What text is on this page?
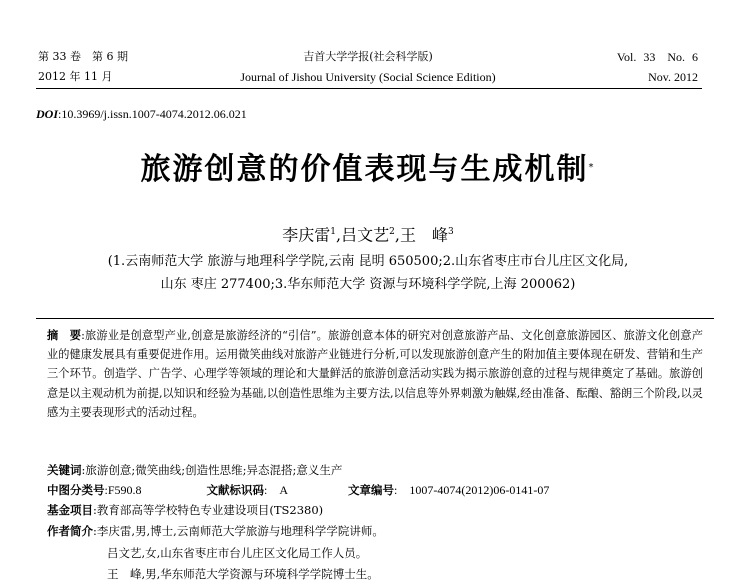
第 33 卷　第 6 期
2012 年 11 月
吉首大学学报(社会科学版)
Journal of Jishou University (Social Science Edition)
Vol. 33　No. 6
Nov. 2012
DOI:10.3969/j.issn.1007-4074.2012.06.021
旅游创意的价值表现与生成机制*
李庆雷$^1$,吕文艺$^2$,王　峰$^3$
(1.云南师范大学 旅游与地理科学学院,云南 昆明 650500;2.山东省枣庄市台儿庄区文化局,
山东 枣庄 277400;3.华东师范大学 资源与环境科学学院,上海 200062)
摘　要:旅游业是创意型产业,创意是旅游经济的“引信”。旅游创意本体的研究对创意旅游产品、文化创意旅游园区、旅游文化创意产业的健康发展具有重要促进作用。运用微笑曲线对旅游产业链进行分析,可以发现旅游创意产生的附加值主要体现在研发、营销和生产三个环节。创造学、广告学、心理学等领域的理论和大量鲜活的旅游创意活动实践为揭示旅游创意的过程与规律奠定了基础。旅游创意是以主观动机为前提,以知识和经验为基础,以创造性思维为主要方法,以信息等外界刺激为触媒,经由准备、酝酿、豁朗三个阶段,以灵感为主要表现形式的活动过程。
关键词:旅游创意;微笑曲线;创造性思维;异态混搭;意义生产
中图分类号:F590.8	文献标识码:　A	文章编号:　1007-4074(2012)06-0141-07
基金项目:教育部高等学校特色专业建设项目(TS2380)
作者简介:李庆雷,男,博士,云南师范大学旅游与地理科学学院讲师。
吕文艺,女,山东省枣庄市台儿庄区文化局工作人员。
王　峰,男,华东师范大学资源与环境科学学院博士生。
